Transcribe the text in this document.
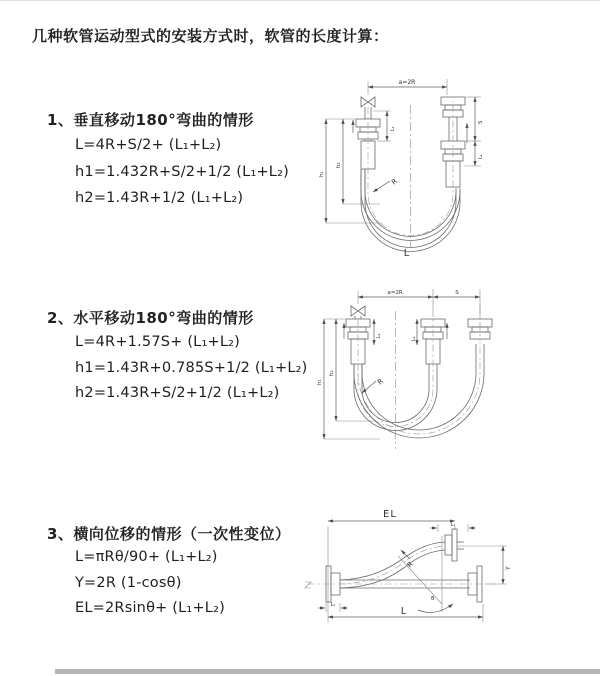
几种软管运动型式的安装方式时，软管的长度计算：
1、垂直移动180°弯曲的情形
L=4R+S/2+ (L₁+L₂)
h1=1.432R+S/2+1/2 (L₁+L₂)
h2=1.43R+1/2 (L₁+L₂)
2、水平移动180°弯曲的情形
L=4R+1.57S+ (L₁+L₂)
h1=1.43R+0.785S+1/2 (L₁+L₂)
h2=1.43R+S/2+1/2 (L₁+L₂)
3、横向位移的情形（一次性变位）
L=πRθ/90+ (L₁+L₂)
Y=2R (1-cosθ)
EL=2Rsinθ+ (L₁+L₂)
a=2R
L₁
h₁
h₂
S
L₁
R
L
a=2R	S
L₁
L₁
h₁
h₂
R
EL
L₁
θ
R	Y
L
L₁
